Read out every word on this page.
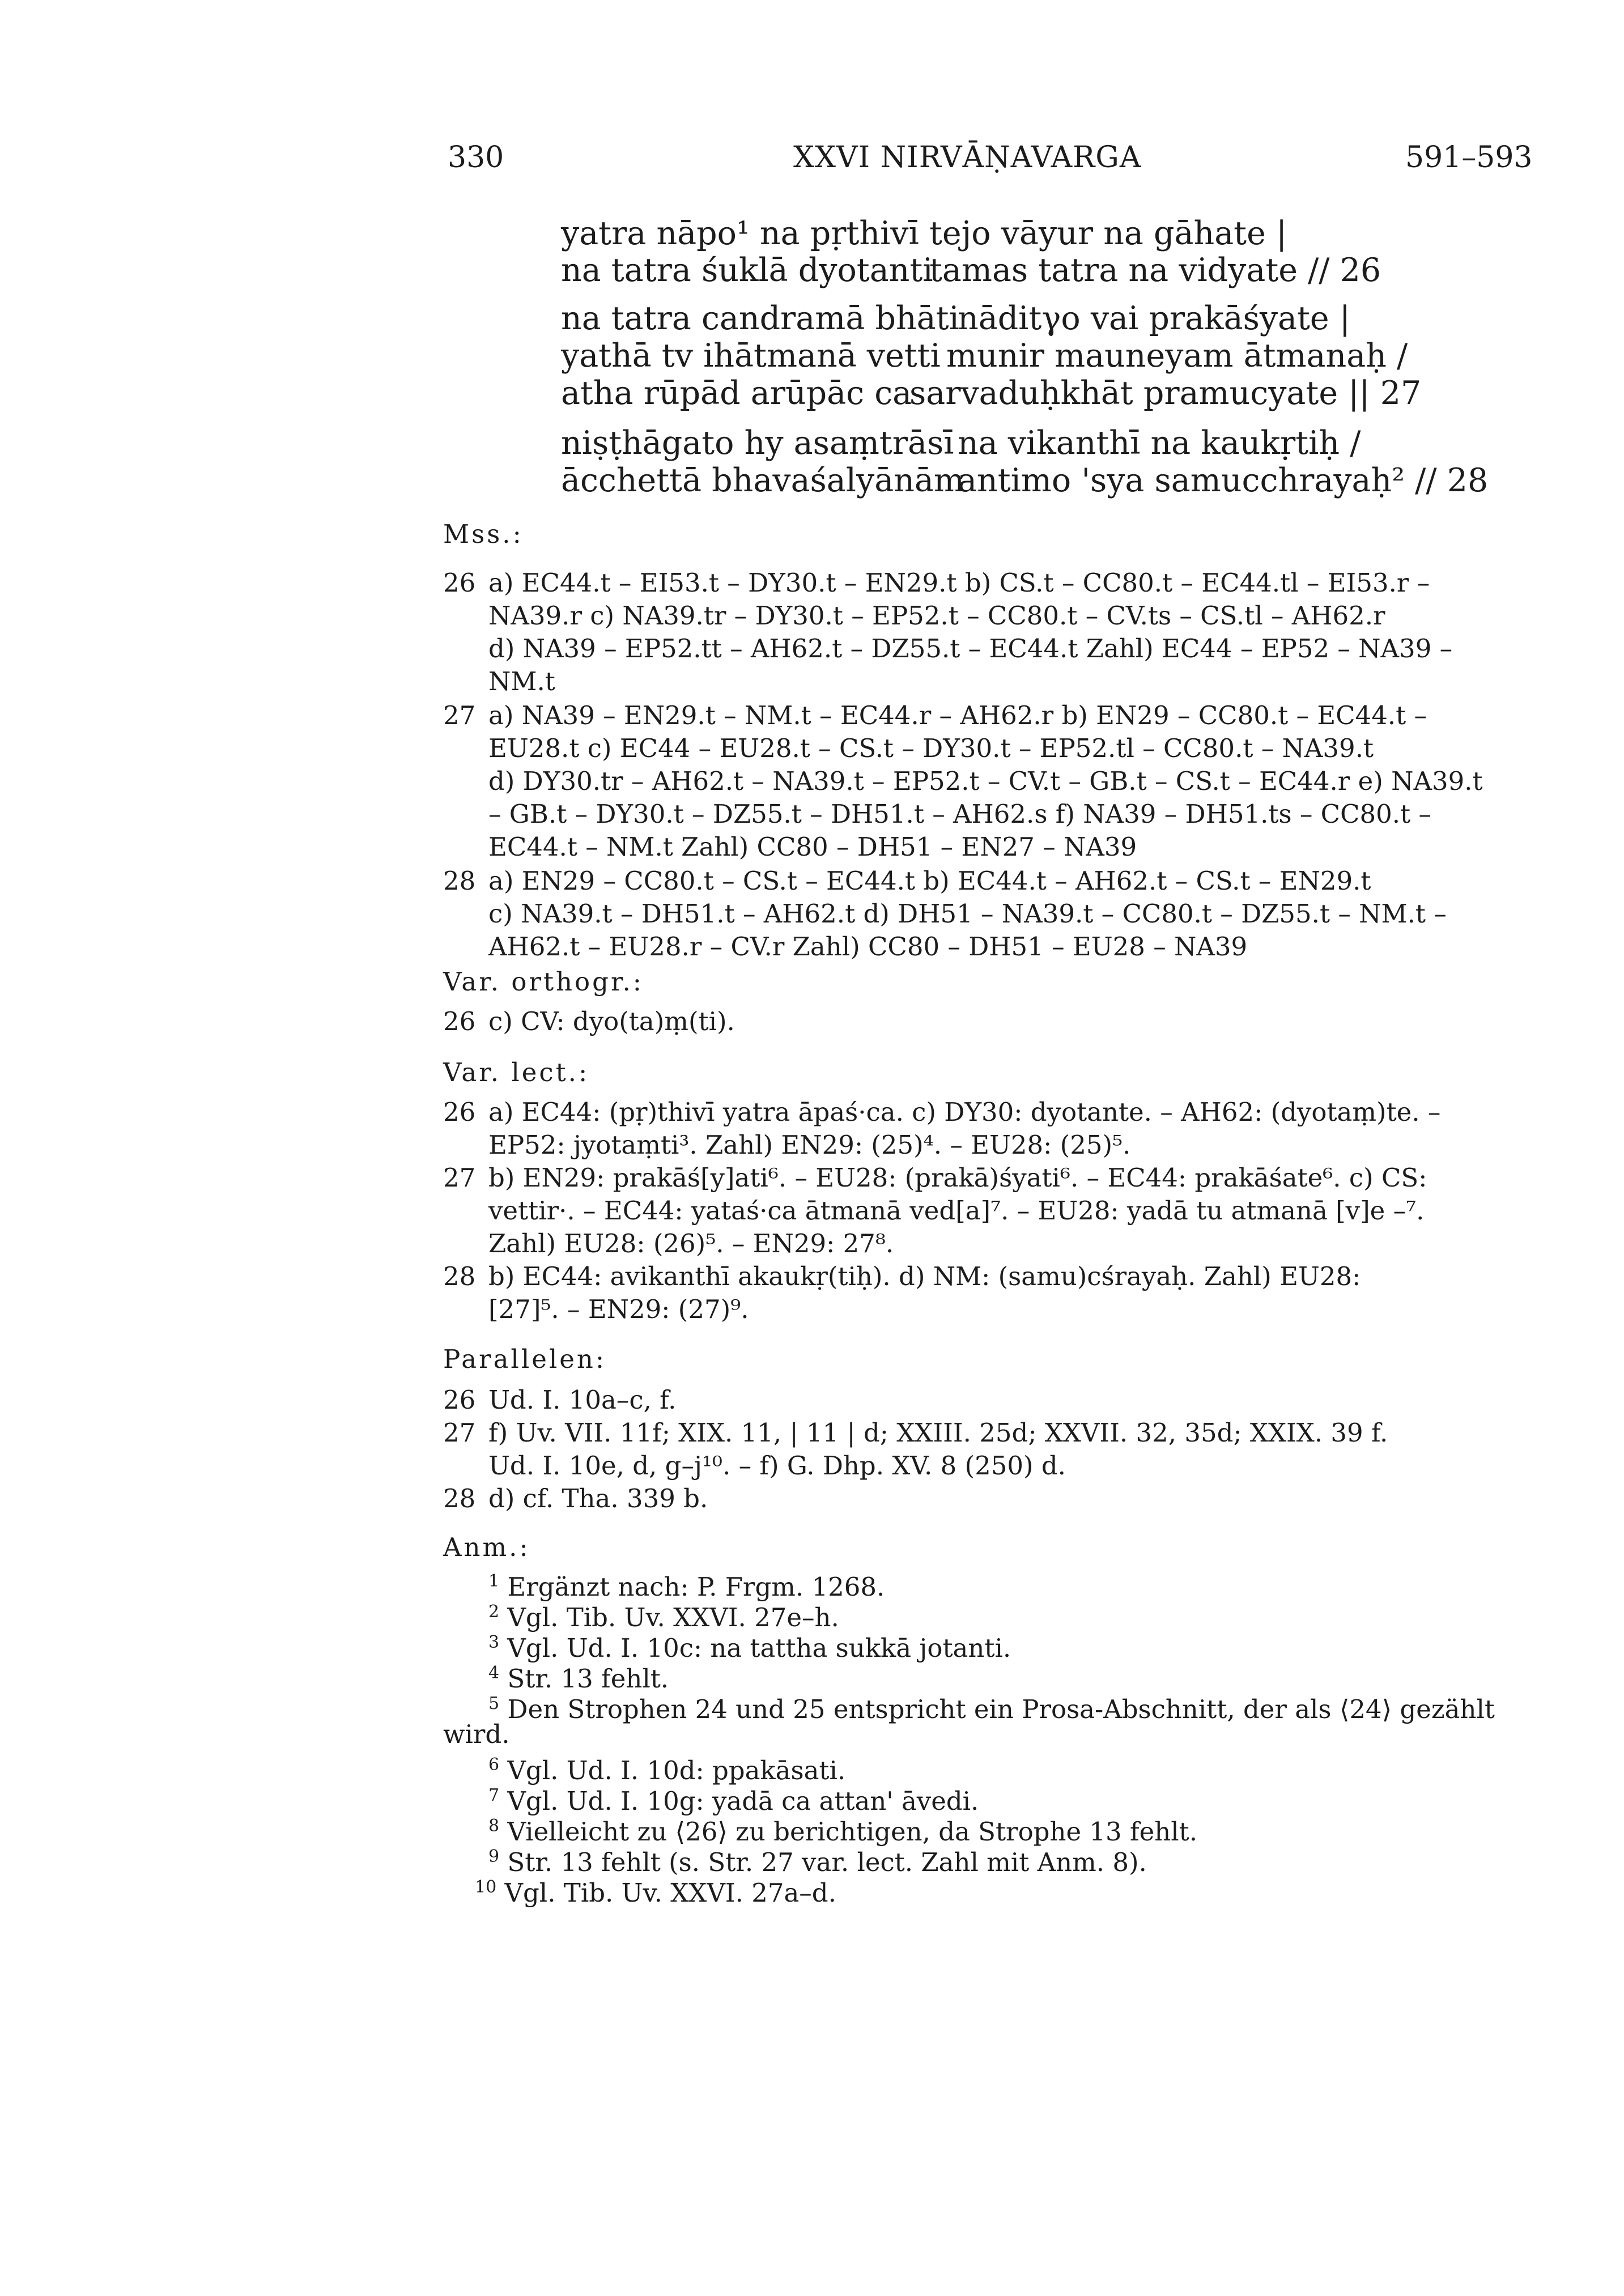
330	XXVI NIRVĀṆAVARGA	591–593
yatra nāpo¹ na pṛthivī tejo vāyur na gāhate |
na tatra śuklā dyotanti
tamas tatra na vidyate // 26
na tatra candramā bhāti
nāditγo vai prakāśyate |
yathā tv ihātmanā vetti munir mauneyam ātmanaḥ /
atha rūpād arūpāc ca
sarvaduḥkhāt pramucyate || 27
niṣṭhāgato hy asaṃtrāsī na vikanthī na kaukṛtiḥ /
ācchettā bhavaśalyānām
antimo 'sya samucchrayaḥ² // 28
Mss.:
26 a) EC44.t – EI53.t – DY30.t – EN29.t b) CS.t – CC80.t – EC44.tl – EI53.r –
NA39.r c) NA39.tr – DY30.t – EP52.t – CC80.t – CV.ts – CS.tl – AH62.r
d) NA39 – EP52.tt – AH62.t – DZ55.t – EC44.t Zahl) EC44 – EP52 – NA39 –
NM.t
27 a) NA39 – EN29.t – NM.t – EC44.r – AH62.r b) EN29 – CC80.t – EC44.t –
EU28.t c) EC44 – EU28.t – CS.t – DY30.t – EP52.tl – CC80.t – NA39.t
d) DY30.tr – AH62.t – NA39.t – EP52.t – CV.t – GB.t – CS.t – EC44.r e) NA39.t
– GB.t – DY30.t – DZ55.t – DH51.t – AH62.s f) NA39 – DH51.ts – CC80.t –
EC44.t – NM.t Zahl) CC80 – DH51 – EN27 – NA39
28 a) EN29 – CC80.t – CS.t – EC44.t b) EC44.t – AH62.t – CS.t – EN29.t
c) NA39.t – DH51.t – AH62.t d) DH51 – NA39.t – CC80.t – DZ55.t – NM.t –
AH62.t – EU28.r – CV.r Zahl) CC80 – DH51 – EU28 – NA39
Var. orthogr.:
26 c) CV: dyo(ta)ṃ(ti).
Var. lect.:
26 a) EC44: (pṛ)thivī yatra āpaś·ca. c) DY30: dyotante. – AH62: (dyotaṃ)te. –
EP52: jyotaṃti³. Zahl) EN29: (25)⁴. – EU28: (25)⁵.
27 b) EN29: prakāś[y]ati⁶. – EU28: (prakā)śyati⁶. – EC44: prakāśate⁶. c) CS:
vettir·. – EC44: yataś·ca ātmanā ved[a]⁷. – EU28: yadā tu atmanā [v]e –⁷.
Zahl) EU28: (26)⁵. – EN29: 27⁸.
28 b) EC44: avikanthī akaukṛ(tiḥ). d) NM: (samu)cśrayaḥ. Zahl) EU28:
[27]⁵. – EN29: (27)⁹.
Parallelen:
26 Ud. I. 10a–c, f.
27 f) Uv. VII. 11f; XIX. 11, | 11 | d; XXIII. 25d; XXVII. 32, 35d; XXIX. 39 f.
Ud. I. 10e, d, g–j¹⁰. – f) G. Dhp. XV. 8 (250) d.
28 d) cf. Tha. 339 b.
Anm.:
$^1$ Ergänzt nach: P. Frgm. 1268.
$^2$ Vgl. Tib. Uv. XXVI. 27e–h.
$^3$ Vgl. Ud. I. 10c: na tattha sukkā jotanti.
$^4$ Str. 13 fehlt.
$^5$ Den Strophen 24 und 25 entspricht ein Prosa-Abschnitt, der als ⟨24⟩ gezählt
wird.
$^6$ Vgl. Ud. I. 10d: ppakāsati.
$^7$ Vgl. Ud. I. 10g: yadā ca attan' āvedi.
$^8$ Vielleicht zu ⟨26⟩ zu berichtigen, da Strophe 13 fehlt.
$^9$ Str. 13 fehlt (s. Str. 27 var. lect. Zahl mit Anm. 8).
$^{10}$ Vgl. Tib. Uv. XXVI. 27a–d.
